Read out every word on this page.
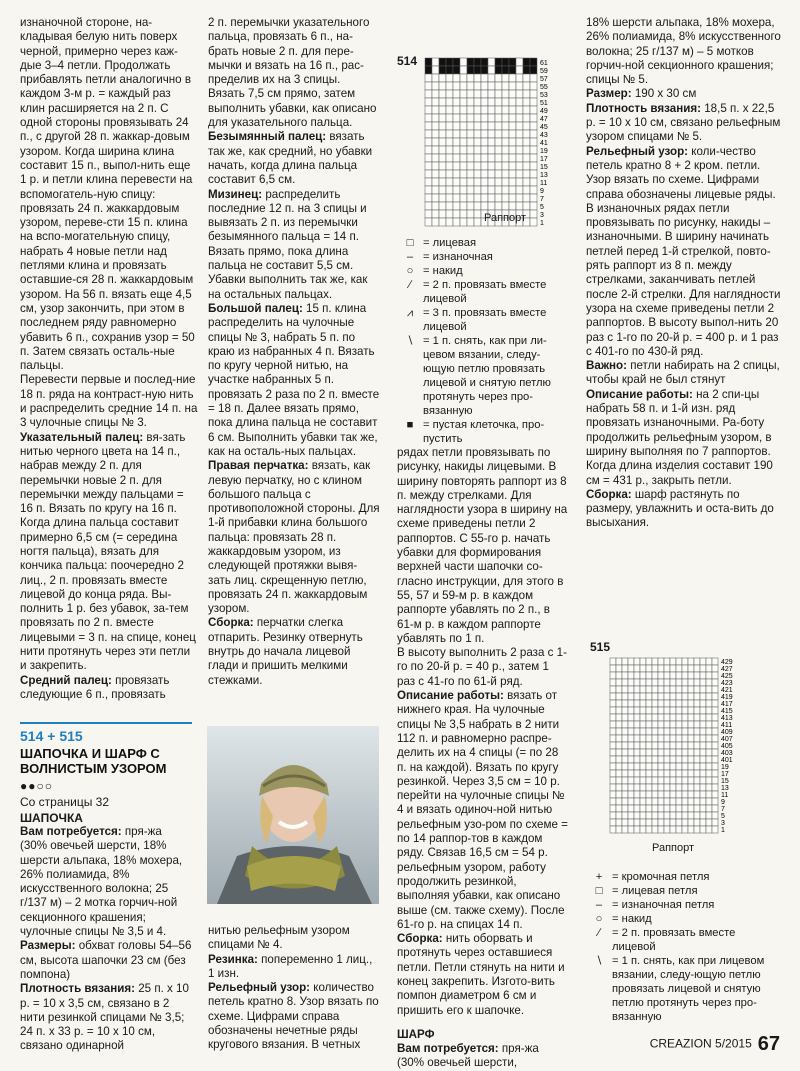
изнаночной стороне, на-кладывая белую нить поверх черной, примерно через каж-дые 3–4 петли. Продолжать прибавлять петли аналогично в каждом 3-м р. = каждый раз клин расширяется на 2 п. С одной стороны провязывать 24 п., с другой 28 п. жаккар-довым узором. Когда ширина клина составит 15 п., выпол-нить еще 1 р. и петли клина перевести на вспомогатель-ную спицу: провязать 24 п. жаккардовым узором, переве-сти 15 п. клина на вспо-могательную спицу, набрать 4 новые петли над петлями клина и провязать оставшие-ся 28 п. жаккардовым узором. На 56 п. вязать еще 4,5 см, узор закончить, при этом в последнем ряду равномерно убавить 6 п., сохранив узор = 50 п. Затем связать осталь-ные пальцы.

Перевести первые и послед-ние 18 п. ряда на контраст-ную нить и распределить средние 14 п. на 3 чулочные спицы № 3.

Указательный палец: вя-зать нитью черного цвета на 14 п., набрав между 2 п. для перемычки новые 2 п. для перемычки между пальцами = 16 п. Вязать по кругу на 16 п. Когда длина пальца составит примерно 6,5 см (= середина ногтя пальца), вязать для кончика пальца: поочередно 2 лиц., 2 п. провязать вместе лицевой до конца ряда. Вы-полнить 1 р. без убавок, за-тем провязать по 2 п. вместе лицевыми = 3 п. на спице, конец нити протянуть через эти петли и закрепить.

Средний палец: провязать следующие 6 п., провязать

514 + 515
ШАПОЧКА И ШАРФ С ВОЛНИСТЫМ УЗОРОМ
●●○○
Со страницы 32
ШАПОЧКА

Вам потребуется: пря-жа (30% овечьей шерсти, 18% шерсти альпака, 18% мохера, 26% полиамида, 8% искусственного волокна; 25 г/137 м) – 2 мотка горчич-ной секционного крашения; чулочные спицы № 3,5 и 4.

Размеры: обхват головы 54–56 см, высота шапочки 23 см (без помпона)

Плотность вязания: 25 п. х 10 р. = 10 х 3,5 см, связано в 2 нити резинкой спицами № 3,5; 24 п. х 33 р. = 10 х 10 см, связано одинарной

2 п. перемычки указательного пальца, провязать 6 п., на-брать новые 2 п. для пере-мычки и вязать на 16 п., рас-пределив их на 3 спицы. Вязать 7,5 см прямо, затем выполнить убавки, как описано для указательного пальца.

Безымянный палец: вязать так же, как средний, но убавки начать, когда длина пальца составит 6,5 см.

Мизинец: распределить последние 12 п. на 3 спицы и вывязать 2 п. из перемычки безымянного пальца = 14 п. Вязать прямо, пока длина пальца не составит 5,5 см. Убавки выполнить так же, как на остальных пальцах.

Большой палец: 15 п. клина распределить на чулочные спицы № 3, набрать 5 п. по краю из набранных 4 п. Вязать по кругу черной нитью, на участке набранных 5 п. провязать 2 раза по 2 п. вместе = 18 п. Далее вязать прямо, пока длина пальца не составит 6 см. Выполнить убавки так же, как на осталь-ных пальцах.

Правая перчатка: вязать, как левую перчатку, но с клином большого пальца с противоположной стороны. Для 1-й прибавки клина большого пальца: провязать 28 п. жаккардовым узором, из следующей протяжки вывя-зать лиц. скрещенную петлю, провязать 24 п. жаккардовым узором.

Сборка: перчатки слегка отпарить. Резинку отвернуть внутрь до начала лицевой глади и пришить мелкими стежками.

нитью рельефным узором спицами № 4.

Резинка: попеременно 1 лиц., 1 изн.

Рельефный узор: количество петель кратно 8. Узор вязать по схеме. Цифрами справа обозначены нечетные ряды кругового вязания. В четных

514	61
59
57
55
53
51
49
47
45
43
41
19
17
15
13
11
9
7
5
3
1
Раппорт
□ = лицевая
– = изнаночная
○ = накид
∕	= 2 п. провязать вместе лицевой
⩘ = 3 п. провязать вместе лицевой
∖ = 1 п. снять, как при ли-цевом вязании, следу-ющую петлю провязать лицевой и снятую петлю протянуть через про-вязанную
■ = пустая клеточка, про-пустить

рядах петли провязывать по рисунку, накиды лицевыми. В ширину повторять раппорт из 8 п. между стрелками. Для наглядности узора в ширину на схеме приведены петли 2 раппортов. С 55-го р. начать убавки для формирования верхней части шапочки со-гласно инструкции, для этого в 55, 57 и 59-м р. в каждом раппорте убавлять по 2 п., в 61-м р. в каждом раппорте убавлять по 1 п.

В высоту выполнить 2 раза с 1-го по 20-й р. = 40 р., затем 1 раз с 41-го по 61-й ряд.

Описание работы: вязать от нижнего края. На чулочные спицы № 3,5 набрать в 2 нити 112 п. и равномерно распре-делить их на 4 спицы (= по 28 п. на каждой). Вязать по кругу резинкой. Через 3,5 см = 10 р. перейти на чулочные спицы № 4 и вязать одиноч-ной нитью рельефным узо-ром по схеме = по 14 раппор-тов в каждом ряду. Связав 16,5 см = 54 р. рельефным узором, работу продолжить резинкой, выполняя убавки, как описано выше (см. также схему). После 61-го р. на спицах 14 п.

Сборка: нить оборвать и протянуть через оставшиеся петли. Петли стянуть на нити и конец закрепить. Изгото-вить помпон диаметром 6 см и пришить его к шапочке.

ШАРФ

Вам потребуется: пря-жа (30% овечьей шерсти,

18% шерсти альпака, 18% мохера, 26% полиамида, 8% искусственного волокна; 25 г/137 м) – 5 мотков горчич-ной секционного крашения; спицы № 5.

Размер: 190 х 30 см

Плотность вязания: 18,5 п. х 22,5 р. = 10 х 10 см, связано рельефным узором спицами № 5.

Рельефный узор: коли-чество петель кратно 8 + 2 кром. петли. Узор вязать по схеме. Цифрами справа обозначены лицевые ряды. В изнаночных рядах петли провязывать по рисунку, накиды – изнаночными. В ширину начинать петлей перед 1-й стрелкой, повто-рять раппорт из 8 п. между стрелками, заканчивать петлей после 2-й стрелки. Для наглядности узора на схеме приведены петли 2 раппортов. В высоту выпол-нить 20 раз с 1-го по 20-й р. = 400 р. и 1 раз с 401-го по 430-й ряд.

Важно: петли набирать на 2 спицы, чтобы край не был стянут

Описание работы: на 2 спи-цы набрать 58 п. и 1-й изн. ряд провязать изнаночными. Ра-боту продолжить рельефным узором, в ширину выполняя по 7 раппортов. Когда длина изделия составит 190 см = 431 р., закрыть петли.

Сборка: шарф растянуть по размеру, увлажнить и оста-вить до высыхания.

515
429
427
425
423
421
419
417
415
413
411
409
407
405
403
401
19
17
15
13
11
9
7
5
3
1
Раппорт
+ = кромочная петля
□ = лицевая петля
– = изнаночная петля
○ = накид
∕	= 2 п. провязать вместе лицевой
∖ = 1 п. снять, как при лицевом вязании, следу-ющую петлю провязать лицевой и снятую петлю протянуть через про-вязанную
CREAZION 5/2015 67
